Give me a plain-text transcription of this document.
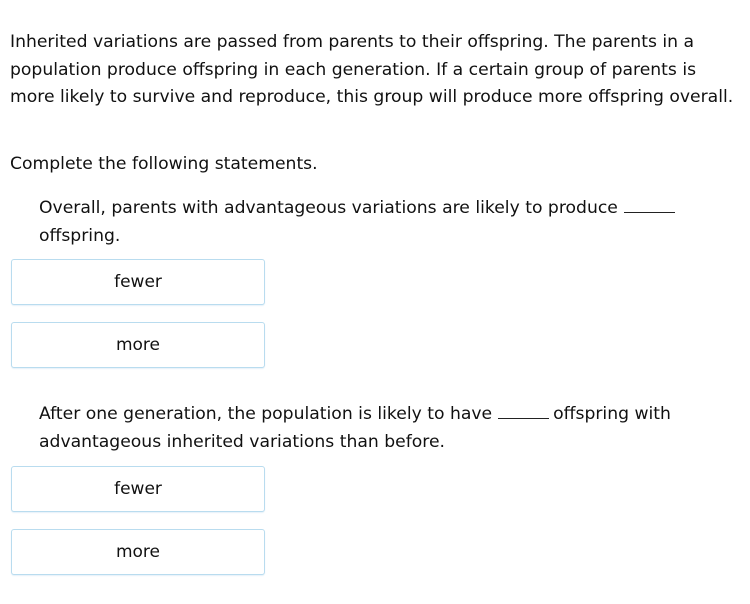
Inherited variations are passed from parents to their offspring. The parents in a population produce offspring in each generation. If a certain group of parents is more likely to survive and reproduce, this group will produce more offspring overall.

Complete the following statements.

Overall, parents with advantageous variations are likely to produceoffspring.

fewer
more

After one generation, the population is likely to have	offspring with advantageous inherited variations than before.

fewer
more
